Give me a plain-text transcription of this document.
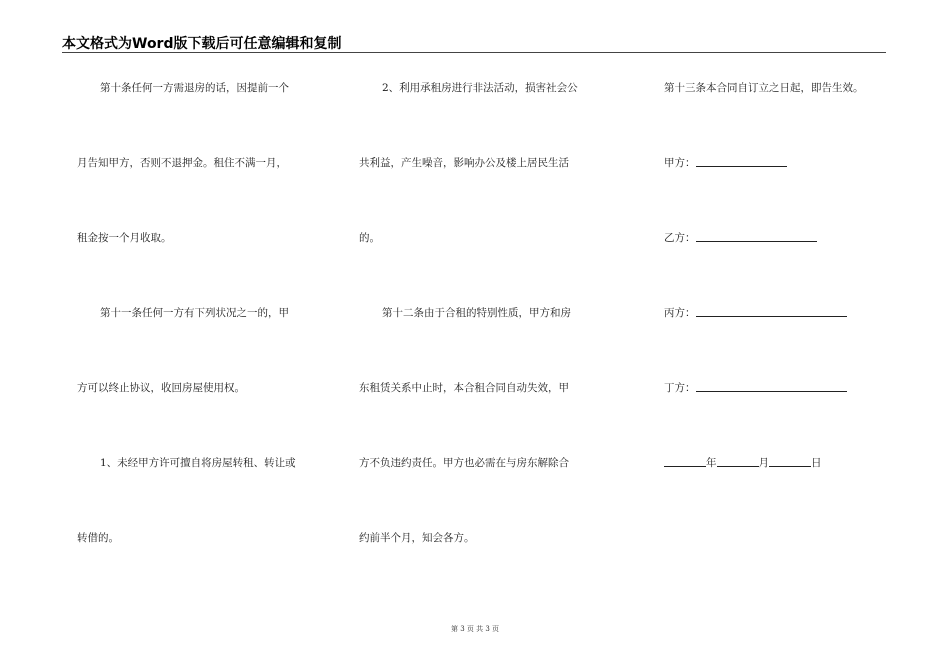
本文格式为Word版下载后可任意编辑和复制
第十条任何一方需退房的话，因提前一个
月告知甲方，否则不退押金。租住不满一月，
租金按一个月收取。
第十一条任何一方有下列状况之一的，甲
方可以终止协议，收回房屋使用权。
1、未经甲方许可擅自将房屋转租、转让或
转借的。
2、利用承租房进行非法活动，损害社会公
共利益，产生噪音，影响办公及楼上居民生活
的。
第十二条由于合租的特别性质，甲方和房
东租赁关系中止时，本合租合同自动失效，甲
方不负违约责任。甲方也必需在与房东解除合
约前半个月，知会各方。
第十三条本合同自订立之日起，即告生效。
甲方：
乙方：
丙方：
丁方：
年	月	日
第 3 页 共 3 页
